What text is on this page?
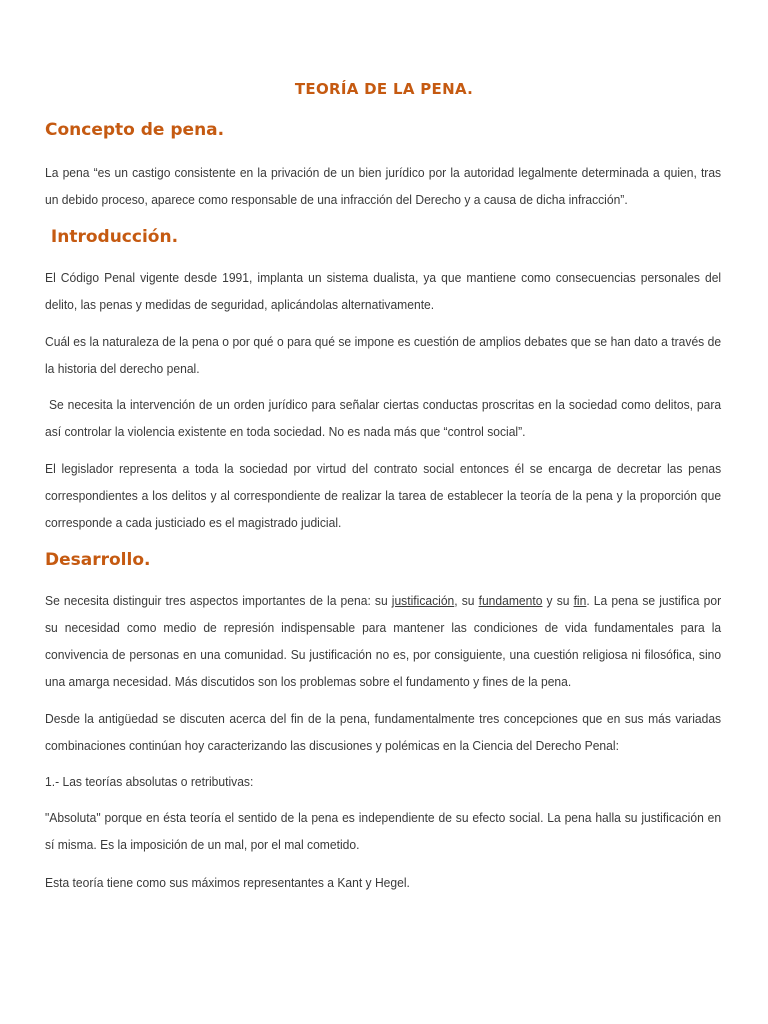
TEORÍA DE LA PENA.
Concepto de pena.
La pena “es un castigo consistente en la privación de un bien jurídico por la autoridad legalmente determinada a quien, tras un debido proceso, aparece como responsable de una infracción del Derecho y a causa de dicha infracción”.
Introducción.
El Código Penal vigente desde 1991, implanta un sistema dualista, ya que mantiene como consecuencias personales del delito, las penas y medidas de seguridad, aplicándolas alternativamente.
Cuál es la naturaleza de la pena o por qué o para qué se impone es cuestión de amplios debates que se han dato a través de la historia del derecho penal.
Se necesita la intervención de un orden jurídico para señalar ciertas conductas proscritas en la sociedad como delitos, para así controlar la violencia existente en toda sociedad. No es nada más que “control social”.
El legislador representa a toda la sociedad por virtud del contrato social entonces él se encarga de decretar las penas correspondientes a los delitos y al correspondiente de realizar la tarea de establecer la teoría de la pena y la proporción que corresponde a cada justiciado es el magistrado judicial.
Desarrollo.
Se necesita distinguir tres aspectos importantes de la pena: su justificación, su fundamento y su fin. La pena se justifica por su necesidad como medio de represión indispensable para mantener las condiciones de vida fundamentales para la convivencia de personas en una comunidad. Su justificación no es, por consiguiente, una cuestión religiosa ni filosófica, sino una amarga necesidad. Más discutidos son los problemas sobre el fundamento y fines de la pena.
Desde la antigüedad se discuten acerca del fin de la pena, fundamentalmente tres concepciones que en sus más variadas combinaciones continúan hoy caracterizando las discusiones y polémicas en la Ciencia del Derecho Penal:
1.- Las teorías absolutas o retributivas:
"Absoluta" porque en ésta teoría el sentido de la pena es independiente de su efecto social. La pena halla su justificación en sí misma. Es la imposición de un mal, por el mal cometido.
Esta teoría tiene como sus máximos representantes a Kant y Hegel.
